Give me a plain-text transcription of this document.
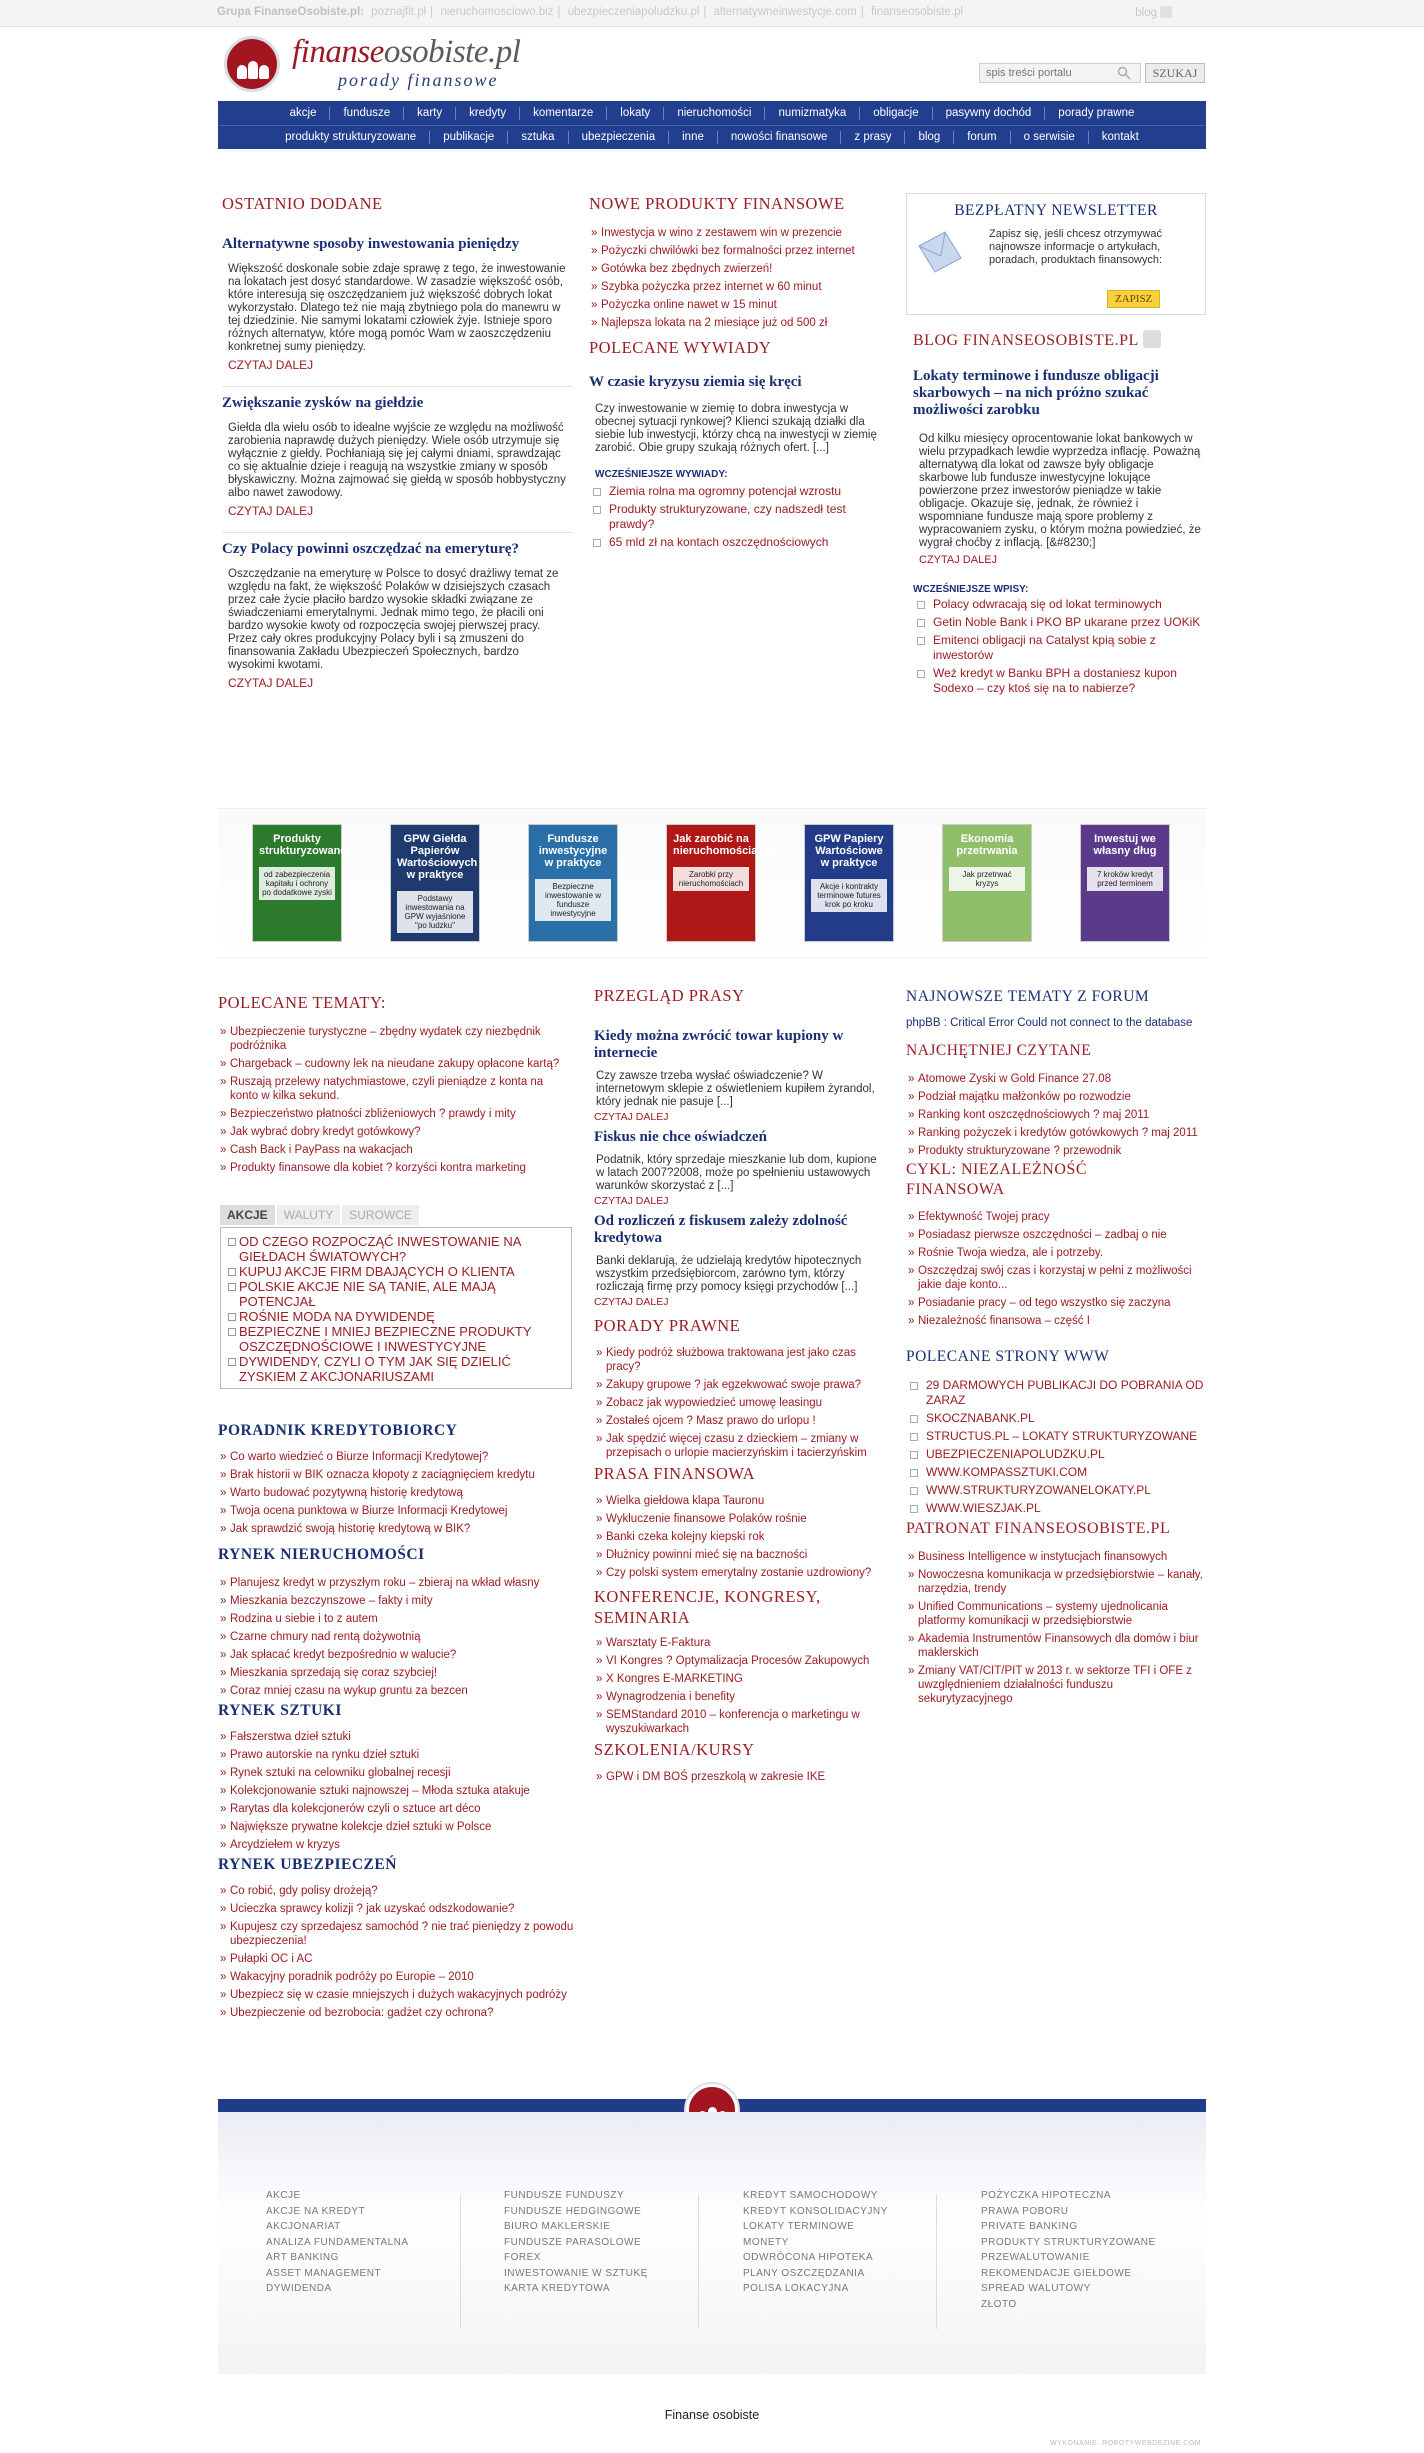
Grupa FinanseOsobiste.pl: poznajfit.pl | nieruchomosciowo.biz | ubezpieczeniapoludzku.pl | alternatywneinwestycje.com | finanseosobiste.pl	blog
finanseosobiste.pl
porady finansowe
spis treści portalu	SZUKAJ
akcje	fundusze	karty	kredyty	komentarze	lokaty	nieruchomości	numizmatyka	obligacje	pasywny dochód	porady prawne
produkty strukturyzowane	publikacje	sztuka	ubezpieczenia	inne	nowości finansowe	z prasy	blog	forum	o serwisie	kontakt
OSTATNIO DODANE
Alternatywne sposoby inwestowania pieniędzy

Większość doskonale sobie zdaje sprawę z tego, że inwestowanie na lokatach jest dosyć standardowe. W zasadzie większość osób, które interesują się oszczędzaniem już większość dobrych lokat wykorzystało. Dlatego też nie mają zbytniego pola do manewru w tej dziedzinie. Nie samymi lokatami człowiek żyje. Istnieje sporo różnych alternatyw, które mogą pomóc Wam w zaoszczędzeniu konkretnej sumy pieniędzy.

CZYTAJ DALEJ
Zwiększanie zysków na giełdzie

Giełda dla wielu osób to idealne wyjście ze względu na możliwość zarobienia naprawdę dużych pieniędzy. Wiele osób utrzymuje się wyłącznie z giełdy. Pochłaniają się jej całymi dniami, sprawdzając co się aktualnie dzieje i reagują na wszystkie zmiany w sposób błyskawiczny. Można zajmować się giełdą w sposób hobbystyczny albo nawet zawodowy.

CZYTAJ DALEJ
Czy Polacy powinni oszczędzać na emeryturę?

Oszczędzanie na emeryturę w Polsce to dosyć drażliwy temat ze względu na fakt, że większość Polaków w dzisiejszych czasach przez całe życie płaciło bardzo wysokie składki związane ze świadczeniami emerytalnymi. Jednak mimo tego, że płacili oni bardzo wysokie kwoty od rozpoczęcia swojej pierwszej pracy. Przez cały okres produkcyjny Polacy byli i są zmuszeni do finansowania Zakładu Ubezpieczeń Społecznych, bardzo wysokimi kwotami.

CZYTAJ DALEJ
NOWE PRODUKTY FINANSOWE
» Inwestycja w wino z zestawem win w prezencie
» Pożyczki chwilówki bez formalności przez internet
» Gotówka bez zbędnych zwierzeń!
» Szybka pożyczka przez internet w 60 minut
» Pożyczka online nawet w 15 minut
» Najlepsza lokata na 2 miesiące już od 500 zł
POLECANE WYWIADY
W czasie kryzysu ziemia się kręci

Czy inwestowanie w ziemię to dobra inwestycja w obecnej sytuacji rynkowej? Klienci szukają działki dla siebie lub inwestycji, którzy chcą na inwestycji w ziemię zarobić. Obie grupy szukają różnych ofert. [...]

WCZEŚNIEJSZE WYWIADY:
Ziemia rolna ma ogromny potencjał wzrostu
Produkty strukturyzowane, czy nadszedł test prawdy?
65 mld zł na kontach oszczędnościowych
BEZPŁATNY NEWSLETTER

Zapisz się, jeśli chcesz otrzymywać najnowsze informacje o artykułach, poradach, produktach finansowych:

ZAPISZ
BLOG FINANSEOSOBISTE.PL
Lokaty terminowe i fundusze obligacji skarbowych – na nich próżno szukać możliwości zarobku

Od kilku miesięcy oprocentowanie lokat bankowych w wielu przypadkach lewdie wyprzedza inflację. Poważną alternatywą dla lokat od zawsze były obligacje skarbowe lub fundusze inwestycyjne lokujące powierzone przez inwestorów pieniądze w takie obligacje. Okazuje się, jednak, że również i wspomniane fundusze mają spore problemy z wypracowaniem zysku, o którym można powiedzieć, że wygrał choćby z inflacją. [&#8230;]

CZYTAJ DALEJ
WCZEŚNIEJSZE WPISY:
Polacy odwracają się od lokat terminowych
Getin Noble Bank i PKO BP ukarane przez UOKiK
Emitenci obligacji na Catalyst kpią sobie z inwestorów
Weź kredyt w Banku BPH a dostaniesz kupon Sodexo – czy ktoś się na to nabierze?
Produkty strukturyzowane
od zabezpieczenia kapitału i ochrony po dodatkowe zyski
GPW Giełda Papierów Wartościowych w praktyce
Podstawy inwestowania na GPW wyjaśnione "po ludzku"
Fundusze inwestycyjne w praktyce
Bezpieczne inwestowanie w fundusze inwestycyjne
Jak zarobić na nieruchomościach
Zarobki przy nieruchomościach
GPW Papiery Wartościowe w praktyce
Akcje i kontrakty terminowe futures krok po kroku
Ekonomia przetrwania
Jak przetrwać kryzys
Inwestuj we własny dług
7 kroków kredyt przed terminem
POLECANE TEMATY:
» Ubezpieczenie turystyczne – zbędny wydatek czy niezbędnik podróżnika
» Chargeback – cudowny lek na nieudane zakupy opłacone kartą?
» Ruszają przelewy natychmiastowe, czyli pieniądze z konta na konto w kilka sekund.
» Bezpieczeństwo płatności zbliżeniowych ? prawdy i mity
» Jak wybrać dobry kredyt gotówkowy?
» Cash Back i PayPass na wakacjach
» Produkty finansowe dla kobiet ? korzyści kontra marketing
AKCJE WALUTY SUROWCE
OD CZEGO ROZPOCZĄĆ INWESTOWANIE NA GIEŁDACH ŚWIATOWYCH?
KUPUJ AKCJE FIRM DBAJĄCYCH O KLIENTA
POLSKIE AKCJE NIE SĄ TANIE, ALE MAJĄ POTENCJAŁ
ROŚNIE MODA NA DYWIDENDĘ
BEZPIECZNE I MNIEJ BEZPIECZNE PRODUKTY OSZCZĘDNOŚCIOWE I INWESTYCYJNE
DYWIDENDY, CZYLI O TYM JAK SIĘ DZIELIĆ ZYSKIEM Z AKCJONARIUSZAMI
PORADNIK KREDYTOBIORCY
» Co warto wiedzieć o Biurze Informacji Kredytowej?
» Brak historii w BIK oznacza kłopoty z zaciągnięciem kredytu
» Warto budować pozytywną historię kredytową
» Twoja ocena punktowa w Biurze Informacji Kredytowej
» Jak sprawdzić swoją historię kredytową w BIK?
RYNEK NIERUCHOMOŚCI
» Planujesz kredyt w przyszłym roku – zbieraj na wkład własny
» Mieszkania bezczynszowe – fakty i mity
» Rodzina u siebie i to z autem
» Czarne chmury nad rentą dożywotnią
» Jak spłacać kredyt bezpośrednio w walucie?
» Mieszkania sprzedają się coraz szybciej!
» Coraz mniej czasu na wykup gruntu za bezcen
RYNEK SZTUKI
» Fałszerstwa dzieł sztuki
» Prawo autorskie na rynku dzieł sztuki
» Rynek sztuki na celowniku globalnej recesji
» Kolekcjonowanie sztuki najnowszej – Młoda sztuka atakuje
» Rarytas dla kolekcjonerów czyli o sztuce art déco
» Największe prywatne kolekcje dzieł sztuki w Polsce
» Arcydziełem w kryzys
RYNEK UBEZPIECZEŃ
» Co robić, gdy polisy drożeją?
» Ucieczka sprawcy kolizji ? jak uzyskać odszkodowanie?
» Kupujesz czy sprzedajesz samochód ? nie trać pieniędzy z powodu ubezpieczenia!
» Pułapki OC i AC
» Wakacyjny poradnik podróży po Europie – 2010
» Ubezpiecz się w czasie mniejszych i dużych wakacyjnych podróży
» Ubezpieczenie od bezrobocia: gadżet czy ochrona?
PRZEGLĄD PRASY
Kiedy można zwrócić towar kupiony w internecie

Czy zawsze trzeba wysłać oświadczenie? W internetowym sklepie z oświetleniem kupiłem żyrandol, który jednak nie pasuje [...]

CZYTAJ DALEJ
Fiskus nie chce oświadczeń

Podatnik, który sprzedaje mieszkanie lub dom, kupione w latach 2007?2008, może po spełnieniu ustawowych warunków skorzystać z [...]

CZYTAJ DALEJ
Od rozliczeń z fiskusem zależy zdolność kredytowa

Banki deklarują, że udzielają kredytów hipotecznych wszystkim przedsiębiorcom, zarówno tym, którzy rozliczają firmę przy pomocy księgi przychodów [...]

CZYTAJ DALEJ
PORADY PRAWNE
» Kiedy podróż służbowa traktowana jest jako czas pracy?
» Zakupy grupowe ? jak egzekwować swoje prawa?
» Zobacz jak wypowiedzieć umowę leasingu
» Zostałeś ojcem ? Masz prawo do urlopu !
» Jak spędzić więcej czasu z dzieckiem – zmiany w przepisach o urlopie macierzyńskim i tacierzyńskim
PRASA FINANSOWA
» Wielka giełdowa klapa Tauronu
» Wykluczenie finansowe Polaków rośnie
» Banki czeka kolejny kiepski rok
» Dłużnicy powinni mieć się na baczności
» Czy polski system emerytalny zostanie uzdrowiony?
KONFERENCJE, KONGRESY, SEMINARIA
» Warsztaty E-Faktura
» VI Kongres ? Optymalizacja Procesów Zakupowych
» X Kongres E-MARKETING
» Wynagrodzenia i benefity
» SEMStandard 2010 – konferencja o marketingu w wyszukiwarkach
SZKOLENIA/KURSY
» GPW i DM BOŚ przeszkolą w zakresie IKE
NAJNOWSZE TEMATY Z FORUM

phpBB : Critical Error Could not connect to the database

NAJCHĘTNIEJ CZYTANE
» Atomowe Zyski w Gold Finance 27.08
» Podział majątku małżonków po rozwodzie
» Ranking kont oszczędnościowych ? maj 2011
» Ranking pożyczek i kredytów gotówkowych ? maj 2011
» Produkty strukturyzowane ? przewodnik
CYKL: NIEZALEŻNOŚĆ FINANSOWA
» Efektywność Twojej pracy
» Posiadasz pierwsze oszczędności – zadbaj o nie
» Rośnie Twoja wiedza, ale i potrzeby.
» Oszczędzaj swój czas i korzystaj w pełni z możliwości jakie daje konto...
» Posiadanie pracy – od tego wszystko się zaczyna
» Niezależność finansowa – część I
POLECANE STRONY WWW
29 DARMOWYCH PUBLIKACJI DO POBRANIA OD ZARAZ
SKOCZNABANK.PL
STRUCTUS.PL – LOKATY STRUKTURYZOWANE
UBEZPIECZENIAPOLUDZKU.PL
WWW.KOMPASSZTUKI.COM
WWW.STRUKTURYZOWANELOKATY.PL
WWW.WIESZJAK.PL
PATRONAT FINANSEOSOBISTE.PL
» Business Intelligence w instytucjach finansowych
» Nowoczesna komunikacja w przedsiębiorstwie – kanały, narzędzia, trendy
» Unified Communications – systemy ujednolicania platformy komunikacji w przedsiębiorstwie
» Akademia Instrumentów Finansowych dla domów i biur maklerskich
» Zmiany VAT/CIT/PIT w 2013 r. w sektorze TFI i OFE z uwzględnieniem działalności funduszu sekurytyzacyjnego
AKCJE
AKCJE NA KREDYT
AKCJONARIAT
ANALIZA FUNDAMENTALNA
ART BANKING
ASSET MANAGEMENT
DYWIDENDA
FUNDUSZE FUNDUSZY
FUNDUSZE HEDGINGOWE
BIURO MAKLERSKIE
FUNDUSZE PARASOLOWE
FOREX
INWESTOWANIE W SZTUKĘ
KARTA KREDYTOWA
KREDYT SAMOCHODOWY
KREDYT KONSOLIDACYJNY
LOKATY TERMINOWE
MONETY
ODWRÓCONA HIPOTEKA
PLANY OSZCZĘDZANIA
POLISA LOKACYJNA
POŻYCZKA HIPOTECZNA
PRAWA POBORU
PRIVATE BANKING
PRODUKTY STRUKTURYZOWANE
PRZEWALUTOWANIE
REKOMENDACJE GIEŁDOWE
SPREAD WALUTOWY
ZŁOTO
Finanse osobiste
WYKONANIE: ROBOTYWEBDEZINE.COM
